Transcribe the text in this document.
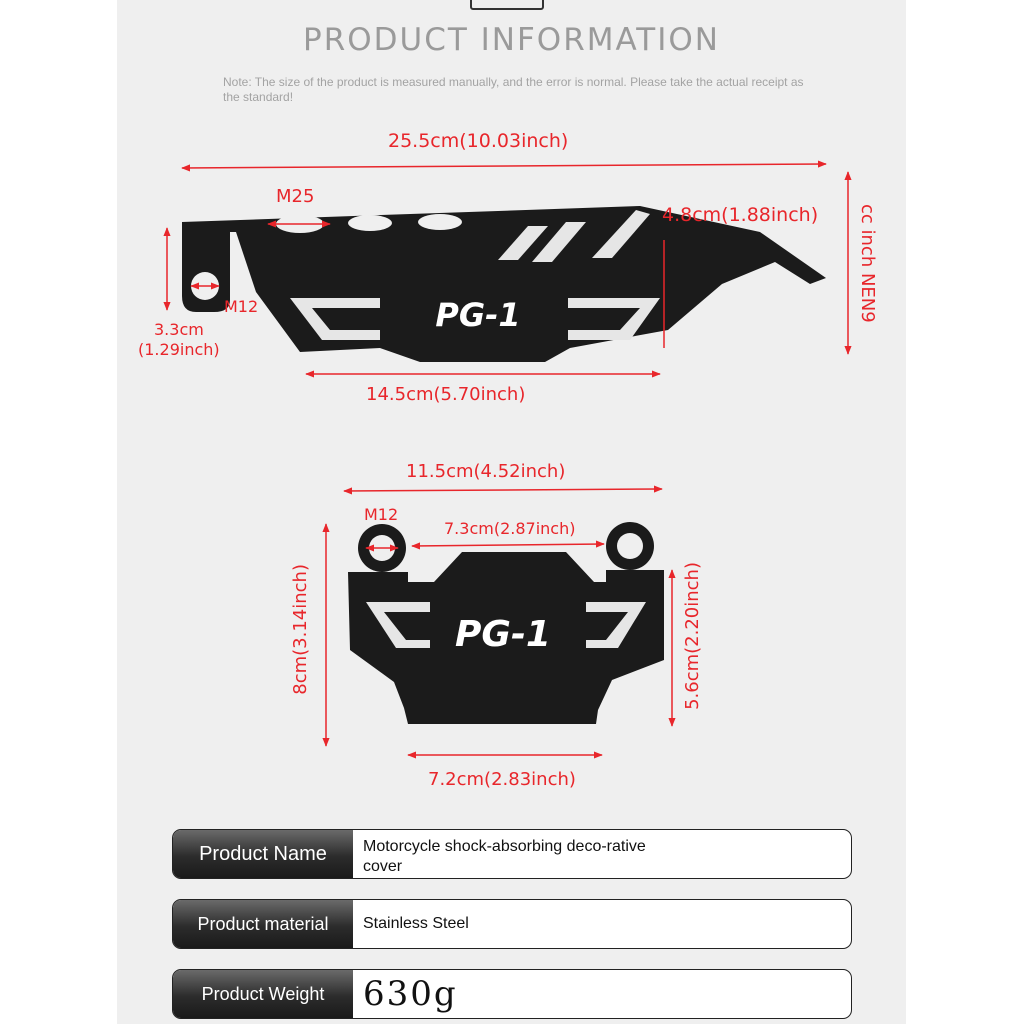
PRODUCT INFORMATION
Note: The size of the product is measured manually, and the error is normal. Please take the actual receipt as the standard!
PG-1
PG-1
25.5cm(10.03inch)
M25
4.8cm(1.88inch)
M12
3.3cm
(1.29inch)
14.5cm(5.70inch)
cc inch NEN9
11.5cm(4.52inch)
M12
7.3cm(2.87inch)
8cm(3.14inch)	5.6cm(2.20inch)
7.2cm(2.83inch)
Product Name	Motorcycle shock-absorbing deco-rative cover
Product material	Stainless Steel
Product Weight	630g
